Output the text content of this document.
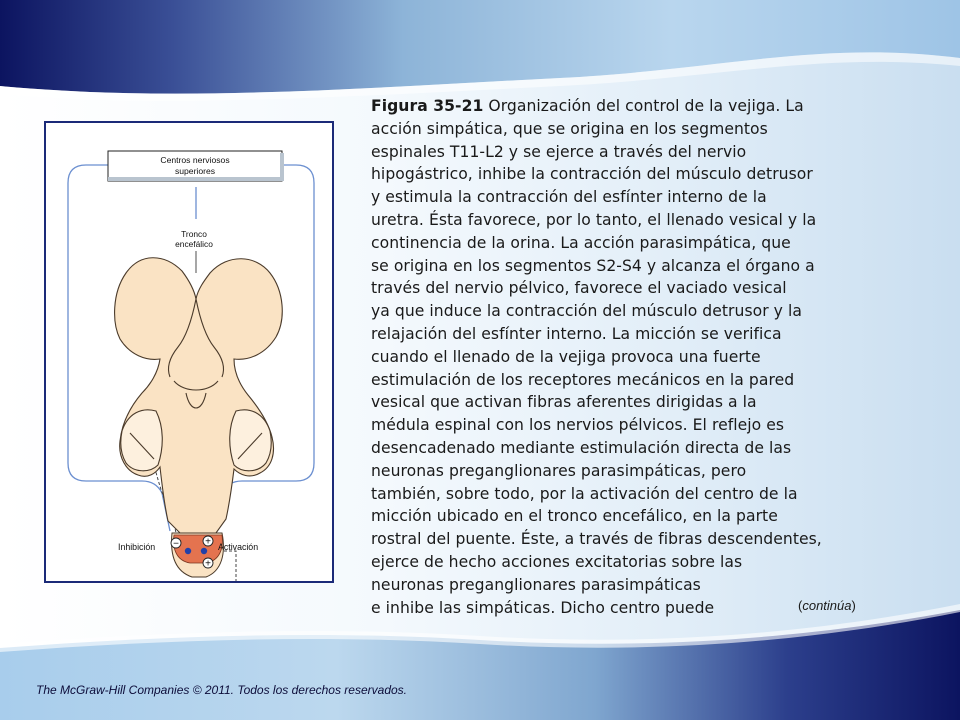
Centros nerviosos
superiores
Tronco
encefálico
−	+
+
Inhibición	Activación
Figura 35-21 Organización del control de la vejiga. La
acción simpática, que se origina en los segmentos
espinales T11-L2 y se ejerce a través del nervio
hipogástrico, inhibe la contracción del músculo detrusor
y estimula la contracción del esfínter interno de la
uretra. Ésta favorece, por lo tanto, el llenado vesical y la
continencia de la orina. La acción parasimpática, que
se origina en los segmentos S2-S4 y alcanza el órgano a
través del nervio pélvico, favorece el vaciado vesical
ya que induce la contracción del músculo detrusor y la
relajación del esfínter interno. La micción se verifica
cuando el llenado de la vejiga provoca una fuerte
estimulación de los receptores mecánicos en la pared
vesical que activan fibras aferentes dirigidas a la
médula espinal con los nervios pélvicos. El reflejo es
desencadenado mediante estimulación directa de las
neuronas preganglionares parasimpáticas, pero
también, sobre todo, por la activación del centro de la
micción ubicado en el tronco encefálico, en la parte
rostral del puente. Éste, a través de fibras descendentes,
ejerce de hecho acciones excitatorias sobre las
neuronas preganglionares parasimpáticas
e inhibe las simpáticas. Dicho centro puede	(continúa)
The McGraw-Hill Companies © 2011. Todos los derechos reservados.
